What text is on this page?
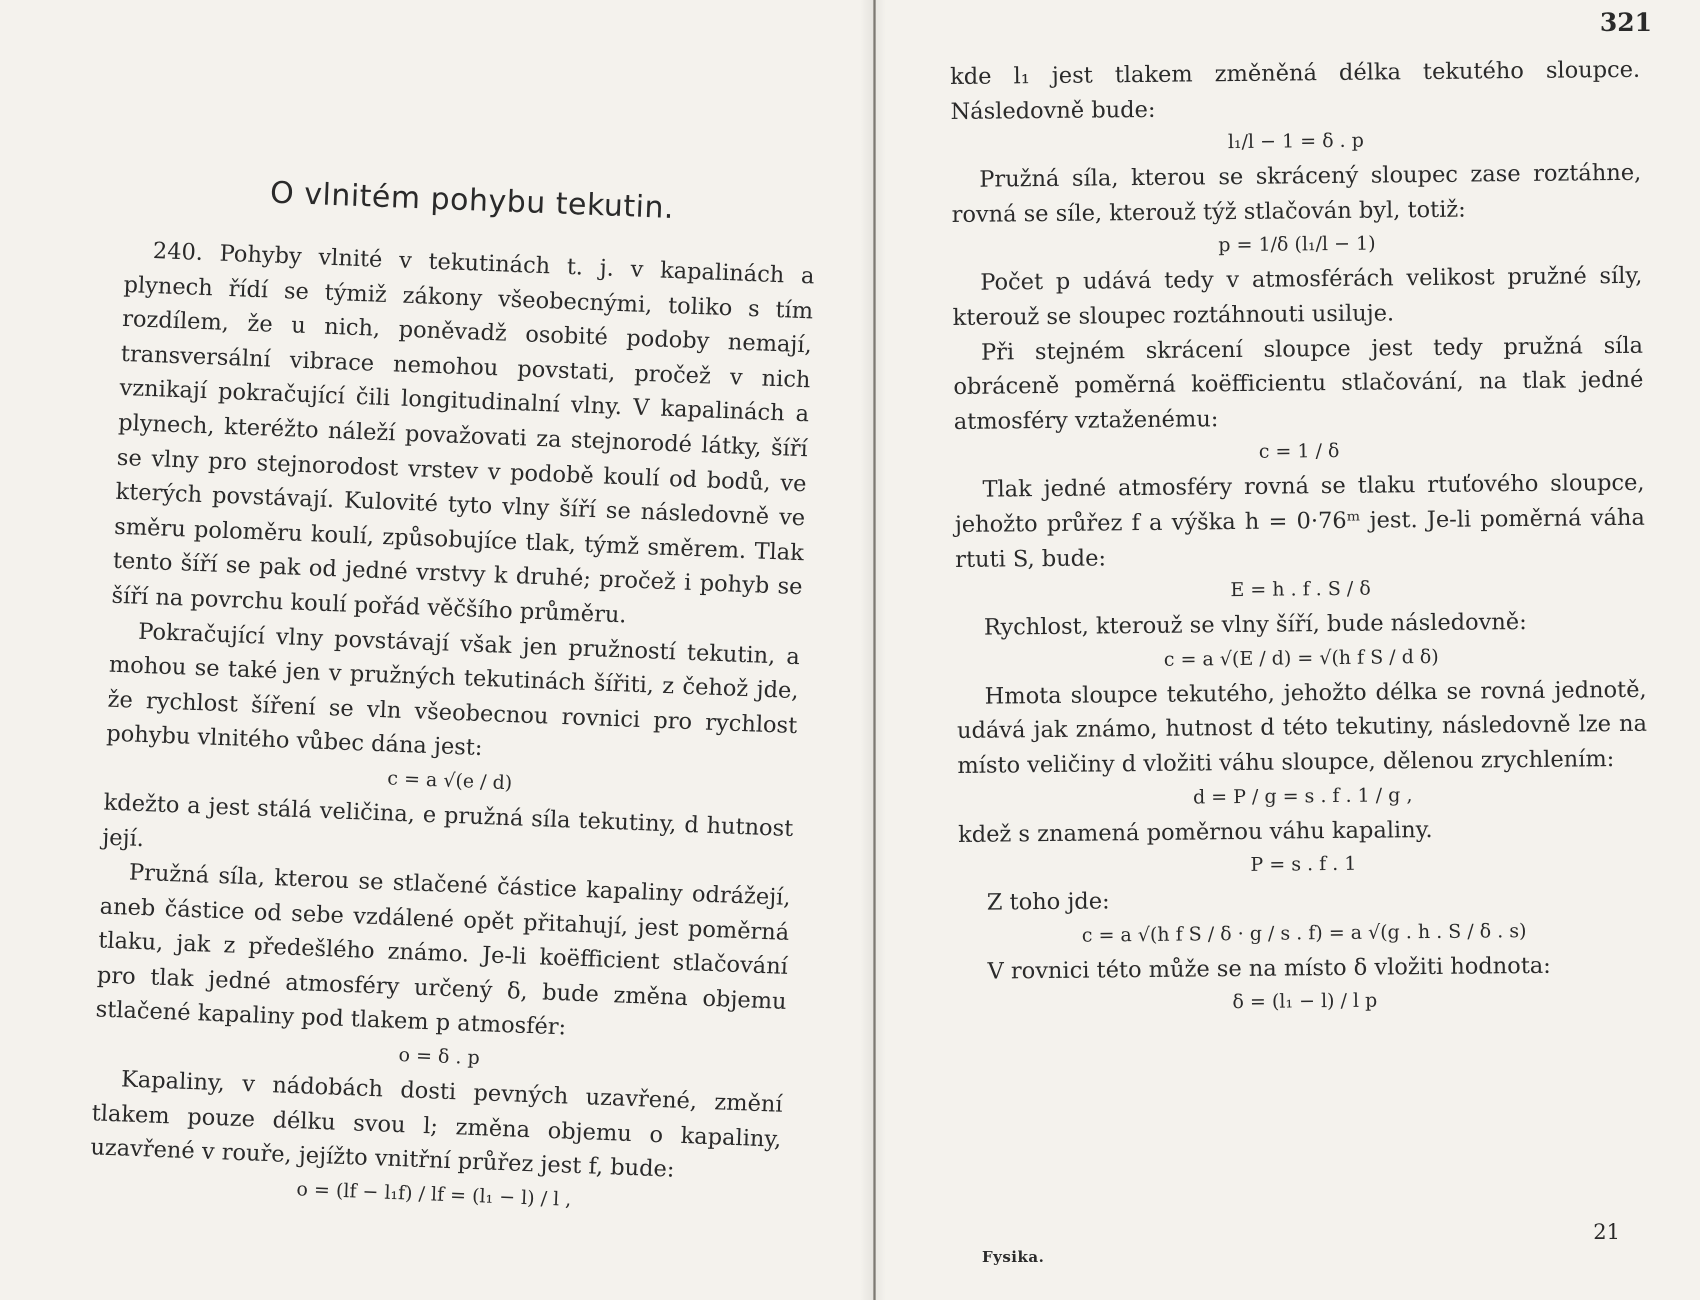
O vlnitém pohybu tekutin.

240. Pohyby vlnité v tekutinách t. j. v kapalinách a plynech řídí se týmiž zákony všeobecnými, toliko s tím rozdílem, že u nich, poněvadž osobité podoby nemají, transversální vibrace nemohou povstati, pročež v nich vznikají pokračující čili longitudinalní vlny. V kapalinách a plynech, kteréžto náleží považovati za stejnorodé látky, šíří se vlny pro stejnorodost vrstev v podobě koulí od bodů, ve kterých povstávají. Kulovité tyto vlny šíří se následovně ve směru poloměru koulí, způsobujíce tlak, týmž směrem. Tlak tento šíří se pak od jedné vrstvy k druhé; pročež i pohyb se šíří na povrchu koulí pořád věčšího průměru.

Pokračující vlny povstávají však jen pružností tekutin, a mohou se také jen v pružných tekutinách šířiti, z čehož jde, že rychlost šíření se vln všeobecnou rovnici pro rychlost pohybu vlnitého vůbec dána jest:

c = a √(e / d)

kdežto a jest stálá veličina, e pružná síla tekutiny, d hutnost její.

Pružná síla, kterou se stlačené částice kapaliny odrážejí, aneb částice od sebe vzdálené opět přitahují, jest poměrná tlaku, jak z předešlého známo. Je-li koëfficient stlačování pro tlak jedné atmosféry určený δ, bude změna objemu stlačené kapaliny pod tlakem p atmosfér:

o = δ . p

Kapaliny, v nádobách dosti pevných uzavřené, změní tlakem pouze délku svou l; změna objemu o kapaliny, uzavřené v rouře, jejížto vnitřní průřez jest f, bude:

o = (lf − l₁f) / lf = (l₁ − l) / l ,
321

kde l₁ jest tlakem změněná délka tekutého sloupce. Následovně bude:

l₁/l − 1 = δ . p

Pružná síla, kterou se skrácený sloupec zase roztáhne, rovná se síle, kterouž týž stlačován byl, totiž:

p = 1/δ (l₁/l − 1)

Počet p udává tedy v atmosférách velikost pružné síly, kterouž se sloupec roztáhnouti usiluje.

Při stejném skrácení sloupce jest tedy pružná síla obráceně poměrná koëfficientu stlačování, na tlak jedné atmosféry vztaženému:

c = 1 / δ

Tlak jedné atmosféry rovná se tlaku rtuťového sloupce, jehožto průřez f a výška h = 0·76ᵐ jest. Je-li poměrná váha rtuti S, bude:

E = h . f . S / δ

Rychlost, kterouž se vlny šíří, bude následovně:

c = a √(E / d) = √(h f S / d δ)

Hmota sloupce tekutého, jehožto délka se rovná jednotě, udává jak známo, hutnost d této tekutiny, následovně lze na místo veličiny d vložiti váhu sloupce, dělenou zrychlením:

d = P / g = s . f . 1 / g ,

kdež s znamená poměrnou váhu kapaliny.

P = s . f . 1

Z toho jde:

c = a √(h f S / δ · g / s . f) = a √(g . h . S / δ . s)

V rovnici této může se na místo δ vložiti hodnota:

δ = (l₁ − l) / l p
21
Fysika.
